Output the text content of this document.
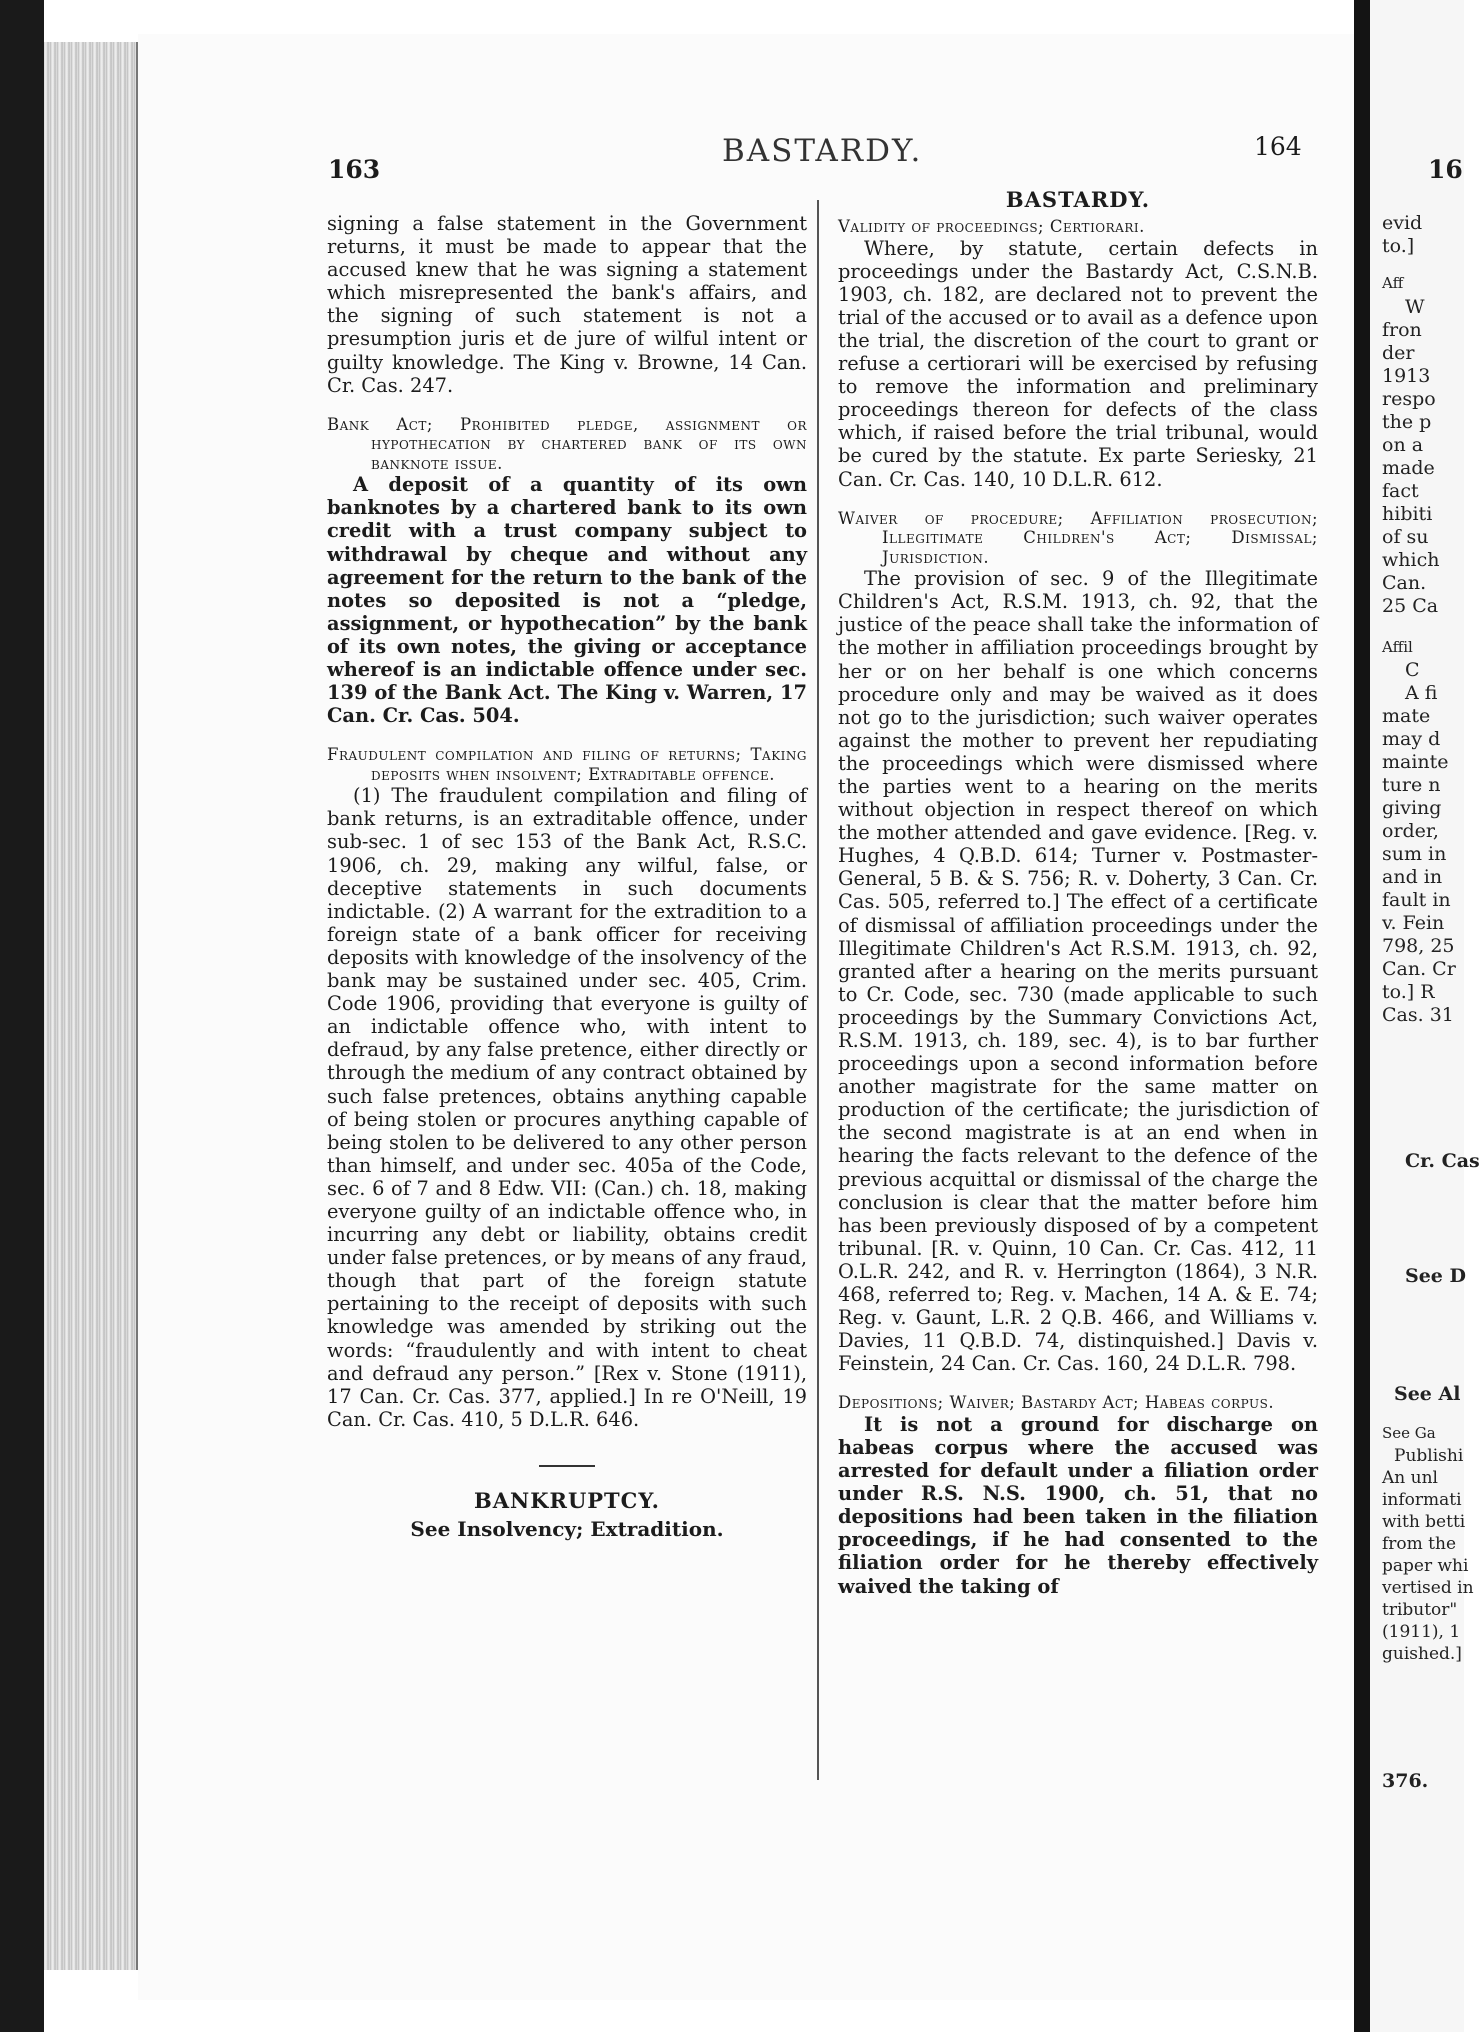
163
BASTARDY.	164
16

signing a false statement in the Government returns, it must be made to appear that the accused knew that he was signing a statement which misrepresented the bank's affairs, and the signing of such statement is not a presumption juris et de jure of wilful intent or guilty knowledge. The King v. Browne, 14 Can. Cr. Cas. 247.

Bank Act; Prohibited pledge, assignment or hypothecation by chartered bank of its own banknote issue.

A deposit of a quantity of its own banknotes by a chartered bank to its own credit with a trust company subject to withdrawal by cheque and without any agreement for the return to the bank of the notes so deposited is not a “pledge, assignment, or hypothecation” by the bank of its own notes, the giving or acceptance whereof is an indictable offence under sec. 139 of the Bank Act. The King v. Warren, 17 Can. Cr. Cas. 504.

Fraudulent compilation and filing of returns; Taking deposits when insolvent; Extraditable offence.

(1) The fraudulent compilation and filing of bank returns, is an extraditable offence, under sub-sec. 1 of sec 153 of the Bank Act, R.S.C. 1906, ch. 29, making any wilful, false, or deceptive statements in such documents indictable. (2) A warrant for the extradition to a foreign state of a bank officer for receiving deposits with knowledge of the insolvency of the bank may be sustained under sec. 405, Crim. Code 1906, providing that everyone is guilty of an indictable offence who, with intent to defraud, by any false pretence, either directly or through the medium of any contract obtained by such false pretences, obtains anything capable of being stolen or procures anything capable of being stolen to be delivered to any other person than himself, and under sec. 405a of the Code, sec. 6 of 7 and 8 Edw. VII: (Can.) ch. 18, making everyone guilty of an indictable offence who, in incurring any debt or liability, obtains credit under false pretences, or by means of any fraud, though that part of the foreign statute pertaining to the receipt of deposits with such knowledge was amended by striking out the words: “fraudulently and with intent to cheat and defraud any person.” [Rex v. Stone (1911), 17 Can. Cr. Cas. 377, applied.] In re O'Neill, 19 Can. Cr. Cas. 410, 5 D.L.R. 646.

BANKRUPTCY.

See Insolvency; Extradition.

BASTARDY.

Validity of proceedings; Certiorari.

Where, by statute, certain defects in proceedings under the Bastardy Act, C.S.N.B. 1903, ch. 182, are declared not to prevent the trial of the accused or to avail as a defence upon the trial, the discretion of the court to grant or refuse a certiorari will be exercised by refusing to remove the information and preliminary proceedings thereon for defects of the class which, if raised before the trial tribunal, would be cured by the statute. Ex parte Seriesky, 21 Can. Cr. Cas. 140, 10 D.L.R. 612.

Waiver of procedure; Affiliation prosecution; Illegitimate Children's Act; Dismissal; Jurisdiction.

The provision of sec. 9 of the Illegitimate Children's Act, R.S.M. 1913, ch. 92, that the justice of the peace shall take the information of the mother in affiliation proceedings brought by her or on her behalf is one which concerns procedure only and may be waived as it does not go to the jurisdiction; such waiver operates against the mother to prevent her repudiating the proceedings which were dismissed where the parties went to a hearing on the merits without objection in respect thereof on which the mother attended and gave evidence. [Reg. v. Hughes, 4 Q.B.D. 614; Turner v. Postmaster-General, 5 B. & S. 756; R. v. Doherty, 3 Can. Cr. Cas. 505, referred to.] The effect of a certificate of dismissal of affiliation proceedings under the Illegitimate Children's Act R.S.M. 1913, ch. 92, granted after a hearing on the merits pursuant to Cr. Code, sec. 730 (made applicable to such proceedings by the Summary Convictions Act, R.S.M. 1913, ch. 189, sec. 4), is to bar further proceedings upon a second information before another magistrate for the same matter on production of the certificate; the jurisdiction of the second magistrate is at an end when in hearing the facts relevant to the defence of the previous acquittal or dismissal of the charge the conclusion is clear that the matter before him has been previously disposed of by a competent tribunal. [R. v. Quinn, 10 Can. Cr. Cas. 412, 11 O.L.R. 242, and R. v. Herrington (1864), 3 N.R. 468, referred to; Reg. v. Machen, 14 A. & E. 74; Reg. v. Gaunt, L.R. 2 Q.B. 466, and Williams v. Davies, 11 Q.B.D. 74, distinquished.] Davis v. Feinstein, 24 Can. Cr. Cas. 160, 24 D.L.R. 798.

Depositions; Waiver; Bastardy Act; Habeas corpus.

It is not a ground for discharge on habeas corpus where the accused was arrested for default under a filiation order under R.S. N.S. 1900, ch. 51, that no depositions had been taken in the filiation proceedings, if he had consented to the filiation order for he thereby effectively waived the taking of

evid
to.]
Aff
W
fron
der
1913
respo
the p
on a
made
fact
hibiti
of su
which
Can.
25 Ca
Affil
C
A fi
mate
may d
mainte
ture n
giving
order,
sum in
and in
fault in
v. Fein
798, 25
Can. Cr
to.] R
Cas. 31
Cr. Cas
See D
See Al
See Ga
Publishi
An unl
informati
with betti
from the
paper whi
vertised in
tributor"
(1911), 1
guished.]
376.
